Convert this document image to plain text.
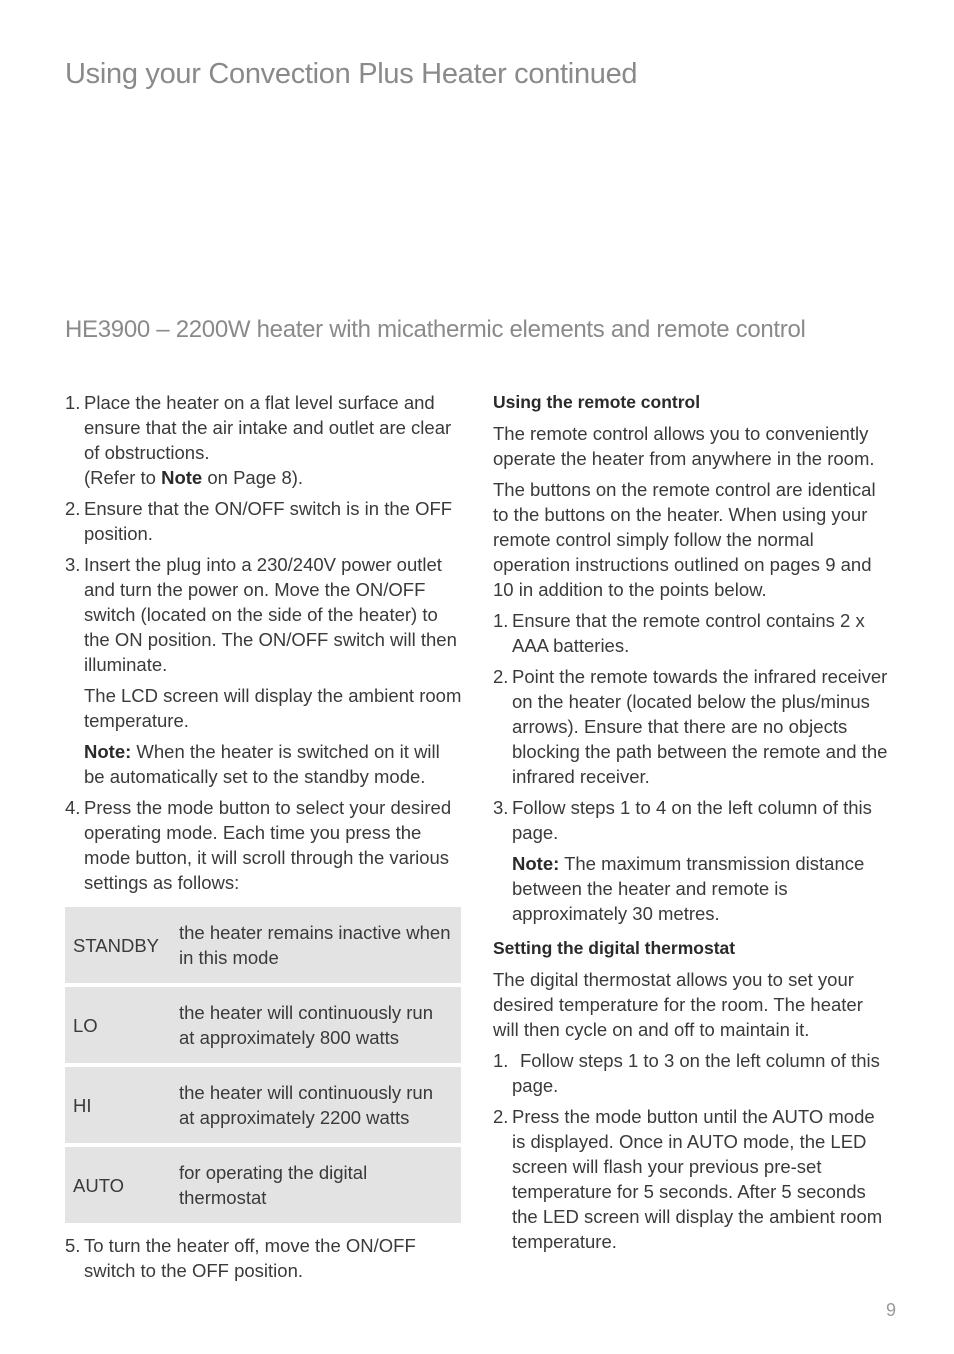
Using your Convection Plus Heater continued
HE3900 – 2200W heater with micathermic elements and remote control
1. Place the heater on a flat level surface and ensure that the air intake and outlet are clear of obstructions.

(Refer to Note on Page 8).

2. Ensure that the ON/OFF switch is in the OFF position.

3. Insert the plug into a 230/240V power outlet and turn the power on. Move the ON/OFF switch (located on the side of the heater) to the ON position. The ON/OFF switch will then illuminate.

The LCD screen will display the ambient room temperature.

Note: When the heater is switched on it will be automatically set to the standby mode.

4. Press the mode button to select your desired operating mode. Each time you press the mode button, it will scroll through the various settings as follows:

STANDBY
the heater remains inactive when in this mode
LO
the heater will continuously run at approximately 800 watts
HI
the heater will continuously run at approximately 2200 watts
AUTO
for operating the digital thermostat
5. To turn the heater off, move the ON/OFF switch to the OFF position.

Using the remote control

The remote control allows you to conveniently operate the heater from anywhere in the room.

The buttons on the remote control are identical to the buttons on the heater. When using your remote control simply follow the normal operation instructions outlined on pages 9 and 10 in addition to the points below.

1. Ensure that the remote control contains 2 x AAA batteries.

2. Point the remote towards the infrared receiver on the heater (located below the plus/minus arrows). Ensure that there are no objects blocking the path between the remote and the infrared receiver.

3. Follow steps 1 to 4 on the left column of this page.

Note: The maximum transmission distance between the heater and remote is approximately 30 metres.

Setting the digital thermostat

The digital thermostat allows you to set your desired temperature for the room. The heater will then cycle on and off to maintain it.

1. Follow steps 1 to 3 on the left column of this page.

2. Press the mode button until the AUTO mode is displayed. Once in AUTO mode, the LED screen will flash your previous pre-set temperature for 5 seconds. After 5 seconds the LED screen will display the ambient room temperature.

9
